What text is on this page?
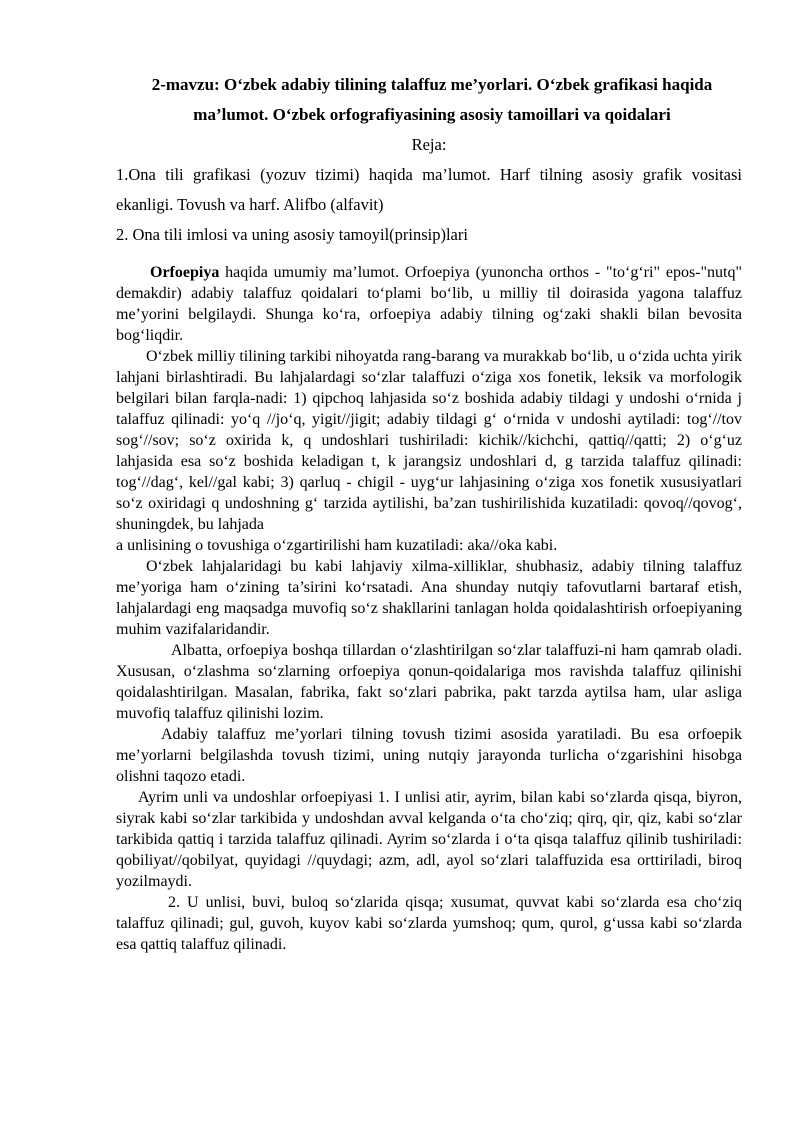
2-mavzu: O‘zbek adabiy tilining talaffuz me’yorlari. O‘zbek grafikasi haqida
ma’lumot. O‘zbek orfografiyasining asosiy tamoillari va qoidalari
Reja:
1.Ona tili grafikasi (yozuv tizimi) haqida ma’lumot. Harf tilning asosiy grafik vositasi ekanligi. Tovush va harf. Alifbo (alfavit)
2. Ona tili imlosi va uning asosiy tamoyil(prinsip)lari

Orfoepiya haqida umumiy ma’lumot. Orfoepiya (yunoncha orthos - "to‘g‘ri" epos-"nutq" demakdir) adabiy talaffuz qoidalari to‘plami bo‘lib, u milliy til doirasida yagona talaffuz me’yorini belgilaydi. Shunga ko‘ra, orfoepiya adabiy tilning og‘zaki shakli bilan bevosita bog‘liqdir.

O‘zbek milliy tilining tarkibi nihoyatda rang-barang va murakkab bo‘lib, u o‘zida uchta yirik lahjani birlashtiradi. Bu lahjalardagi so‘zlar talaffuzi o‘ziga xos fonetik, leksik va morfologik belgilari bilan farqla-nadi: 1) qipchoq lahjasida so‘z boshida adabiy tildagi y undoshi o‘rnida j talaffuz qilinadi: yo‘q //jo‘q, yigit//jigit; adabiy tildagi g‘ o‘rnida v undoshi aytiladi: tog‘//tov sog‘//sov; so‘z oxirida k, q undoshlari tushiriladi: kichik//kichchi, qattiq//qatti; 2) o‘g‘uz lahjasida esa so‘z boshida keladigan t, k jarangsiz undoshlari d, g tarzida talaffuz qilinadi: tog‘//dag‘, kel//gal kabi; 3) qarluq - chigil - uyg‘ur lahjasining o‘ziga xos fonetik xususiyatlari so‘z oxiridagi q undoshning g‘ tarzida aytilishi, ba’zan tushirilishida kuzatiladi: qovoq//qovog‘, shuningdek, bu lahjada

a unlisining o tovushiga o‘zgartirilishi ham kuzatiladi: aka//oka kabi.

O‘zbek lahjalaridagi bu kabi lahjaviy xilma-xilliklar, shubhasiz, adabiy tilning talaffuz me’yoriga ham o‘zining ta’sirini ko‘rsatadi. Ana shunday nutqiy tafovutlarni bartaraf etish, lahjalardagi eng maqsadga muvofiq so‘z shakllarini tanlagan holda qoidalashtirish orfoepiyaning muhim vazifalaridandir.

Albatta, orfoepiya boshqa tillardan o‘zlashtirilgan so‘zlar talaffuzi-ni ham qamrab oladi. Xususan, o‘zlashma so‘zlarning orfoepiya qonun-qoidalariga mos ravishda talaffuz qilinishi qoidalashtirilgan. Masalan, fabrika, fakt so‘zlari pabrika, pakt tarzda aytilsa ham, ular asliga muvofiq talaffuz qilinishi lozim.

Adabiy talaffuz me’yorlari tilning tovush tizimi asosida yaratiladi. Bu esa orfoepik me’yorlarni belgilashda tovush tizimi, uning nutqiy jarayonda turlicha o‘zgarishini hisobga olishni taqozo etadi.

Ayrim unli va undoshlar orfoepiyasi 1. I unlisi atir, ayrim, bilan kabi so‘zlarda qisqa, biyron, siyrak kabi so‘zlar tarkibida y undoshdan avval kelganda o‘ta cho‘ziq; qirq, qir, qiz, kabi so‘zlar tarkibida qattiq i tarzida talaffuz qilinadi. Ayrim so‘zlarda i o‘ta qisqa talaffuz qilinib tushiriladi: qobiliyat//qobilyat, quyidagi //quydagi; azm, adl, ayol so‘zlari talaffuzida esa orttiriladi, biroq yozilmaydi.

2. U unlisi, buvi, buloq so‘zlarida qisqa; xusumat, quvvat kabi so‘zlarda esa cho‘ziq talaffuz qilinadi; gul, guvoh, kuyov kabi so‘zlarda yumshoq; qum, qurol, g‘ussa kabi so‘zlarda esa qattiq talaffuz qilinadi.
